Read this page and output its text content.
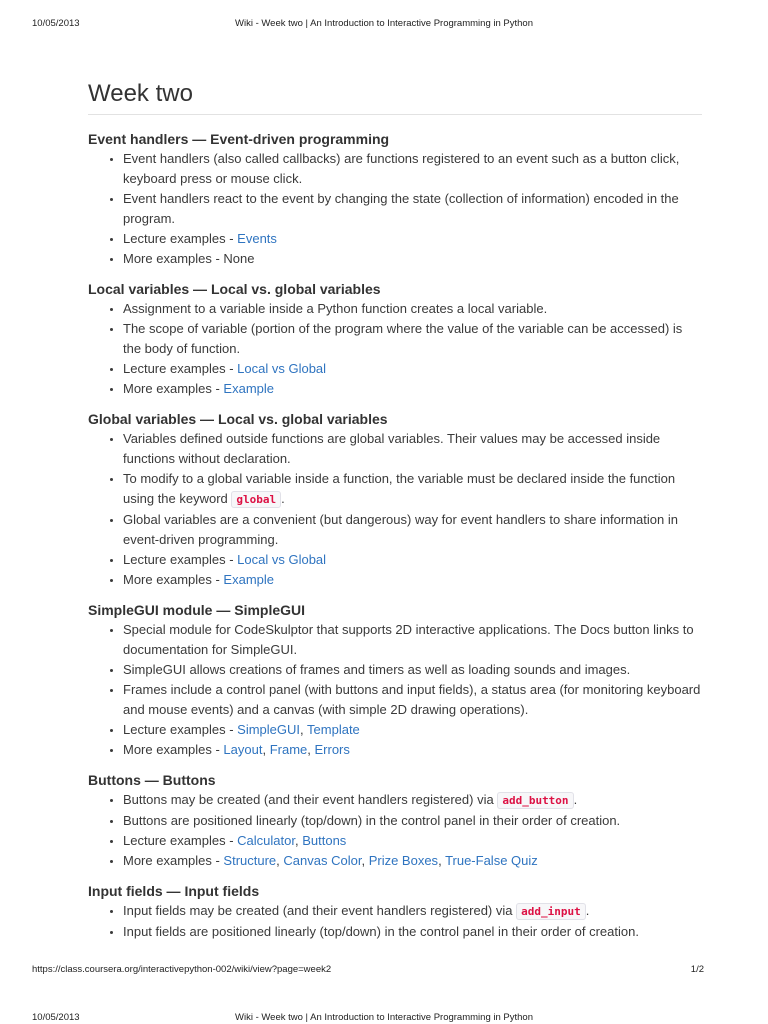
10/05/2013	Wiki - Week two | An Introduction to Interactive Programming in Python
Week two
Event handlers — Event-driven programming
• Event handlers (also called callbacks) are functions registered to an event such as a button click, keyboard press or mouse click.
• Event handlers react to the event by changing the state (collection of information) encoded in the program.
• Lecture examples - Events
• More examples - None
Local variables — Local vs. global variables
• Assignment to a variable inside a Python function creates a local variable.
• The scope of variable (portion of the program where the value of the variable can be accessed) is the body of function.
• Lecture examples - Local vs Global
• More examples - Example
Global variables — Local vs. global variables
• Variables defined outside functions are global variables. Their values may be accessed inside functions without declaration.
• To modify to a global variable inside a function, the variable must be declared inside the function using the keyword global .
• Global variables are a convenient (but dangerous) way for event handlers to share information in event-driven programming.
• Lecture examples - Local vs Global
• More examples - Example
SimpleGUI module — SimpleGUI
• Special module for CodeSkulptor that supports 2D interactive applications. The Docs button links to documentation for SimpleGUI.
• SimpleGUI allows creations of frames and timers as well as loading sounds and images.
• Frames include a control panel (with buttons and input fields), a status area (for monitoring keyboard and mouse events) and a canvas (with simple 2D drawing operations).
• Lecture examples - SimpleGUI, Template
• More examples - Layout, Frame, Errors
Buttons — Buttons
• Buttons may be created (and their event handlers registered) via add_button .
• Buttons are positioned linearly (top/down) in the control panel in their order of creation.
• Lecture examples - Calculator, Buttons
• More examples - Structure, Canvas Color, Prize Boxes, True-False Quiz
Input fields — Input fields
• Input fields may be created (and their event handlers registered) via add_input .
• Input fields are positioned linearly (top/down) in the control panel in their order of creation.
https://class.coursera.org/interactivepython-002/wiki/view?page=week2	1/2
10/05/2013	Wiki - Week two | An Introduction to Interactive Programming in Python
